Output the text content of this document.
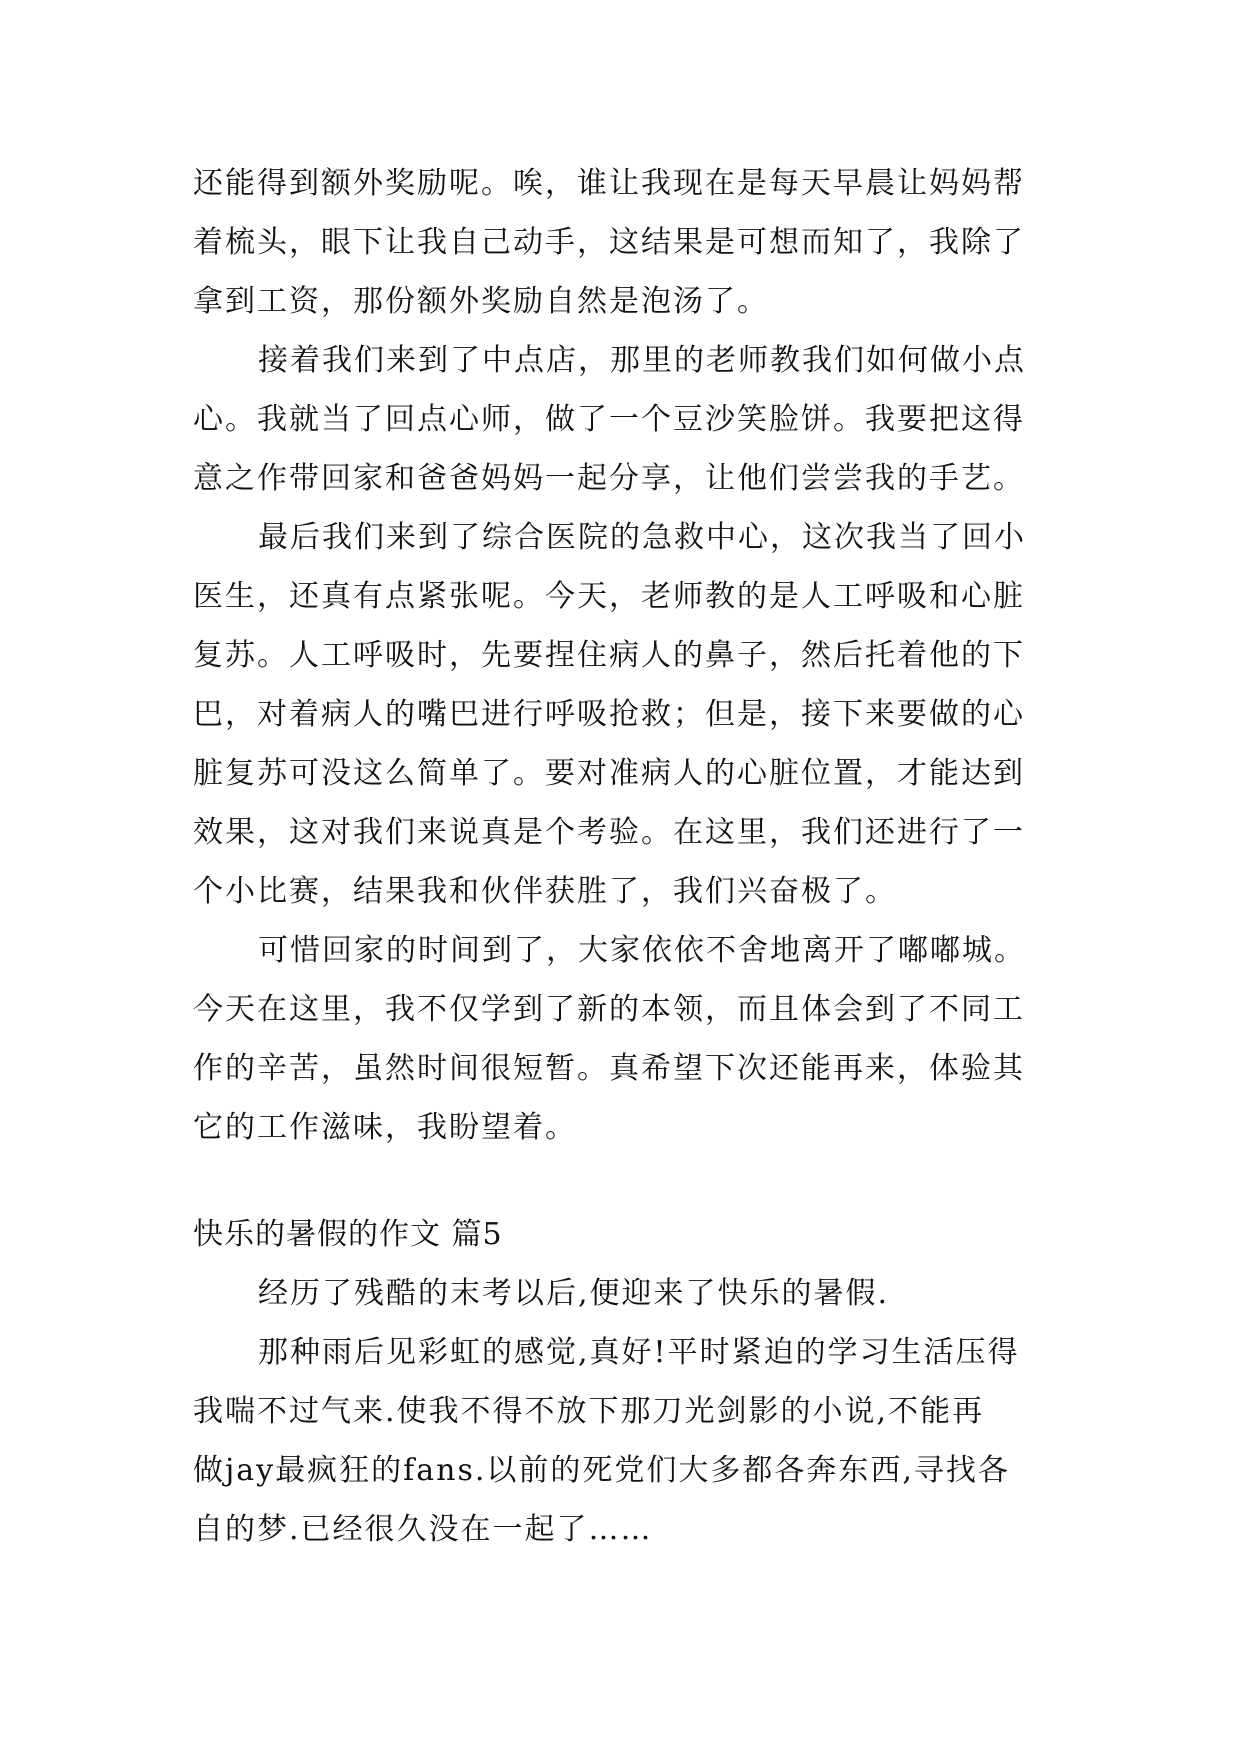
还能得到额外奖励呢。唉，谁让我现在是每天早晨让妈妈帮
着梳头，眼下让我自己动手，这结果是可想而知了，我除了
拿到工资，那份额外奖励自然是泡汤了。
接着我们来到了中点店，那里的老师教我们如何做小点
心。我就当了回点心师，做了一个豆沙笑脸饼。我要把这得
意之作带回家和爸爸妈妈一起分享，让他们尝尝我的手艺。
最后我们来到了综合医院的急救中心，这次我当了回小
医生，还真有点紧张呢。今天，老师教的是人工呼吸和心脏
复苏。人工呼吸时，先要捏住病人的鼻子，然后托着他的下
巴，对着病人的嘴巴进行呼吸抢救；但是，接下来要做的心
脏复苏可没这么简单了。要对准病人的心脏位置，才能达到
效果，这对我们来说真是个考验。在这里，我们还进行了一
个小比赛，结果我和伙伴获胜了，我们兴奋极了。
可惜回家的时间到了，大家依依不舍地离开了嘟嘟城。
今天在这里，我不仅学到了新的本领，而且体会到了不同工
作的辛苦，虽然时间很短暂。真希望下次还能再来，体验其
它的工作滋味，我盼望着。
快乐的暑假的作文 篇5
经历了残酷的末考以后,便迎来了快乐的暑假.
那种雨后见彩虹的感觉,真好!平时紧迫的学习生活压得
我喘不过气来.使我不得不放下那刀光剑影的小说,不能再
做jay最疯狂的fans.以前的死党们大多都各奔东西,寻找各
自的梦.已经很久没在一起了……
